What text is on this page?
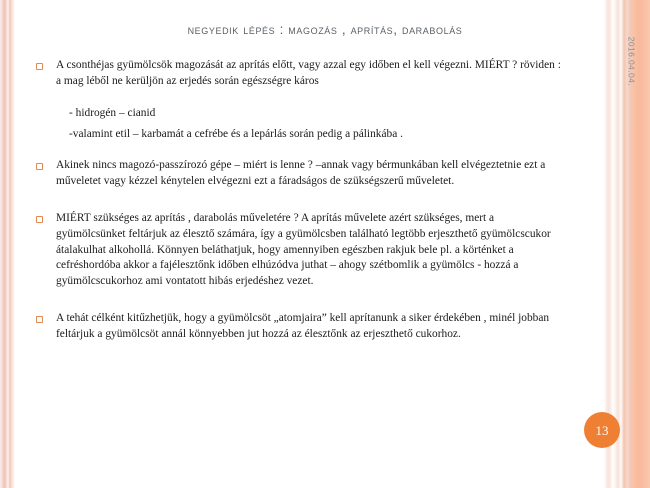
negyedik lépés : magozás , aprítás, darabolás
A csonthéjas gyümölcsök magozását az aprítás előtt, vagy azzal egy időben el kell végezni. MIÉRT ? röviden : a mag léből ne kerüljön az erjedés során egészségre káros
- hidrogén – cianid
-valamint etil – karbamát a cefrébe és a lepárlás során pedig a pálinkába .
Akinek nincs magozó-passzírozó gépe – miért is lenne ? –annak vagy bérmunkában kell elvégeztetnie ezt a műveletet vagy kézzel kénytelen elvégezni ezt a fáradságos de szükségszerű műveletet.
MIÉRT szükséges az aprítás , darabolás műveletére ? A aprítás művelete azért szükséges, mert a gyümölcsünket feltárjuk az élesztő számára, így a gyümölcsben található legtöbb erjeszthető gyümölcscukor átalakulhat alkohollá. Könnyen beláthatjuk, hogy amennyiben egészben rakjuk bele pl. a körténket a cefréshordóba akkor a fajélesztőnk időben elhúzódva juthat – ahogy szétbomlik a gyümölcs - hozzá a gyümölcscukorhoz ami vontatott hibás erjedéshez vezet.
A tehát célként kitűzhetjük, hogy a gyümölcsöt „atomjaira” kell aprítanunk a siker érdekében , minél jobban feltárjuk a gyümölcsöt annál könnyebben jut hozzá az élesztőnk az erjeszthető cukorhoz.
2016.04.04.
13
